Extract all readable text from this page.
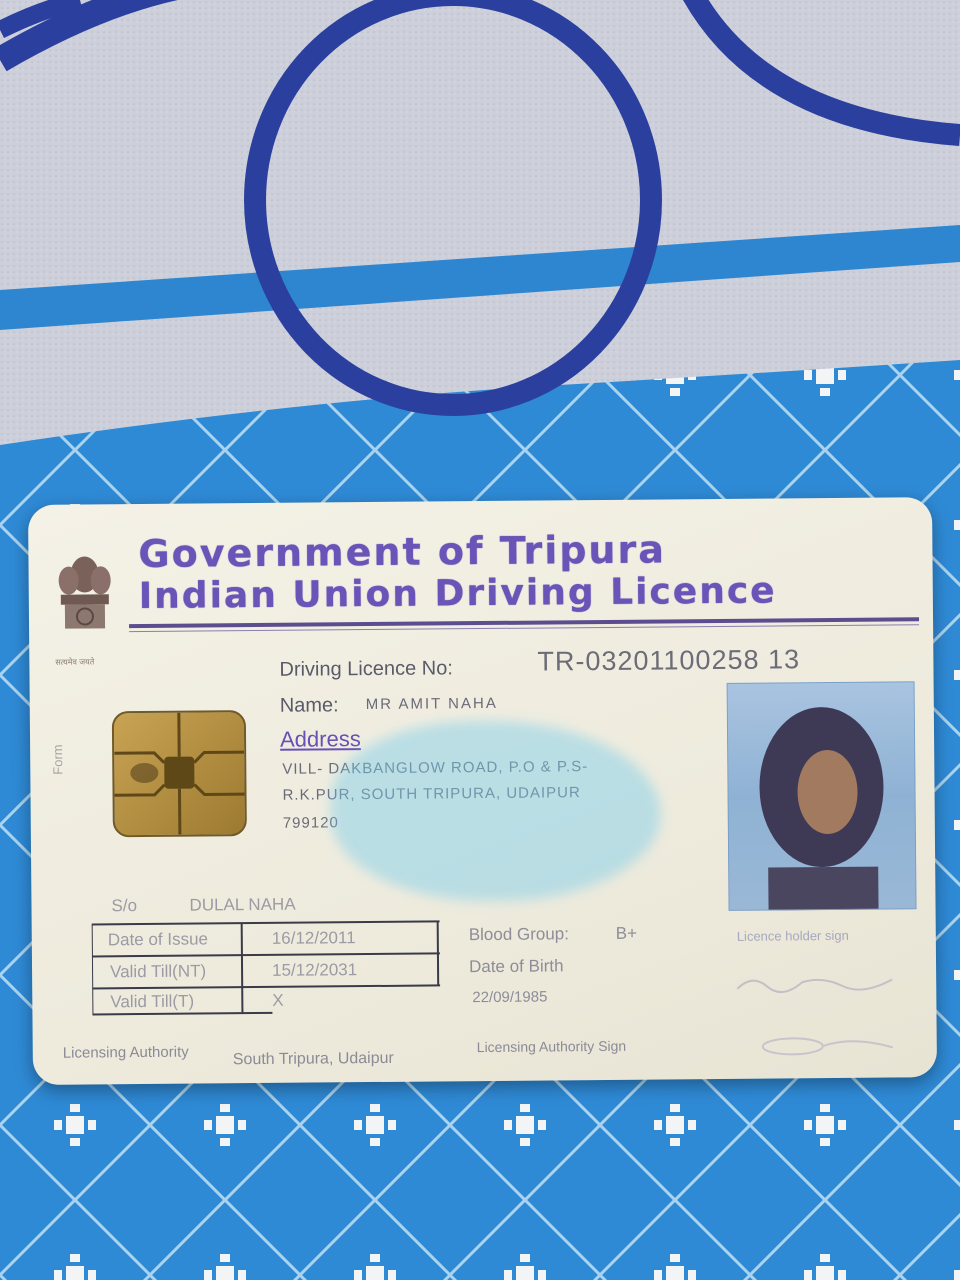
सत्यमेव जयते
Government of Tripura
Indian Union Driving Licence
Form
Driving Licence No:	TR-03201100258 13
Name: MR AMIT NAHA
Address
VILL- DAKBANGLOW ROAD, P.O & P.S-
R.K.PUR, SOUTH TRIPURA, UDAIPUR
799120
S/o	DULAL NAHA
Date of Issue	16/12/2011
Valid Till(NT)	15/12/2031
Valid Till(T)	X
Blood Group:	B+
Date of Birth
22/09/1985
Licence holder sign
Licensing Authority	South Tripura, Udaipur
Licensing Authority Sign
